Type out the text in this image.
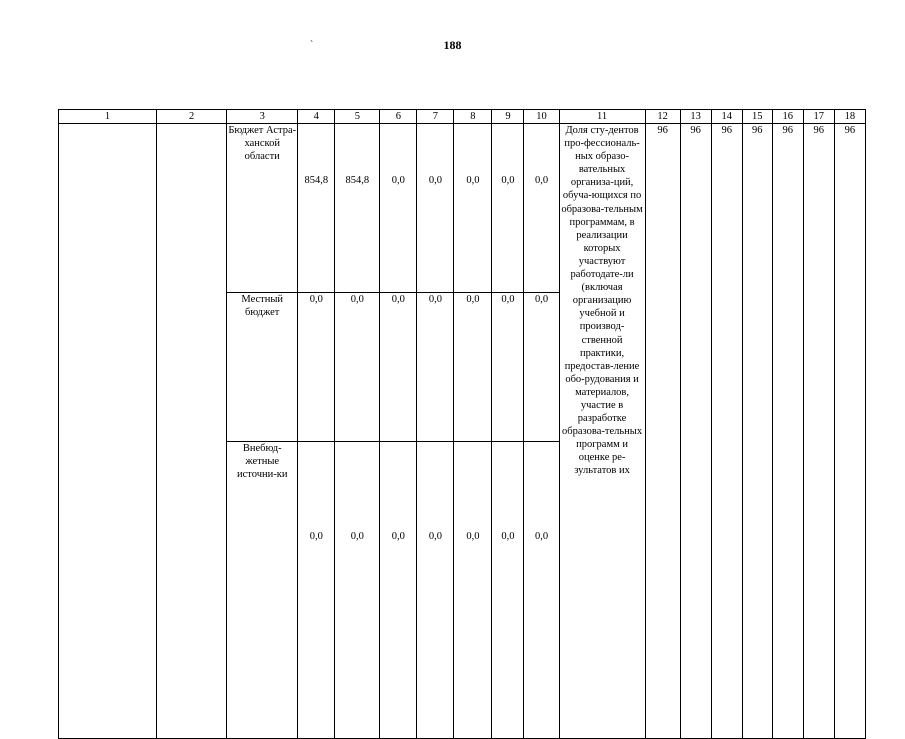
188
`
1	2	3	4	5	6	7	8	9	10	11	12	13	14	15	16	17	18
		Бюджет Астра-ханской области	854,8	854,8	0,0	0,0	0,0	0,0	0,0	Доля сту-дентов про-фессиональ-ных образо-вательных организа-ций, обуча-ющихся по образова-тельным программам, в реализации которых участвуют работодате-ли (включая организацию учебной и производ-ственной практики, предостав-ление обо-рудования и материалов, участие в разработке образова-тельных программ и оценке ре-зультатов их	96	96	96	96	96	96	96
		Местный бюджет	0,0	0,0	0,0	0,0	0,0	0,0	0,0								
		Внебюд-жетные источни-ки	0,0	0,0	0,0	0,0	0,0	0,0	0,0								
